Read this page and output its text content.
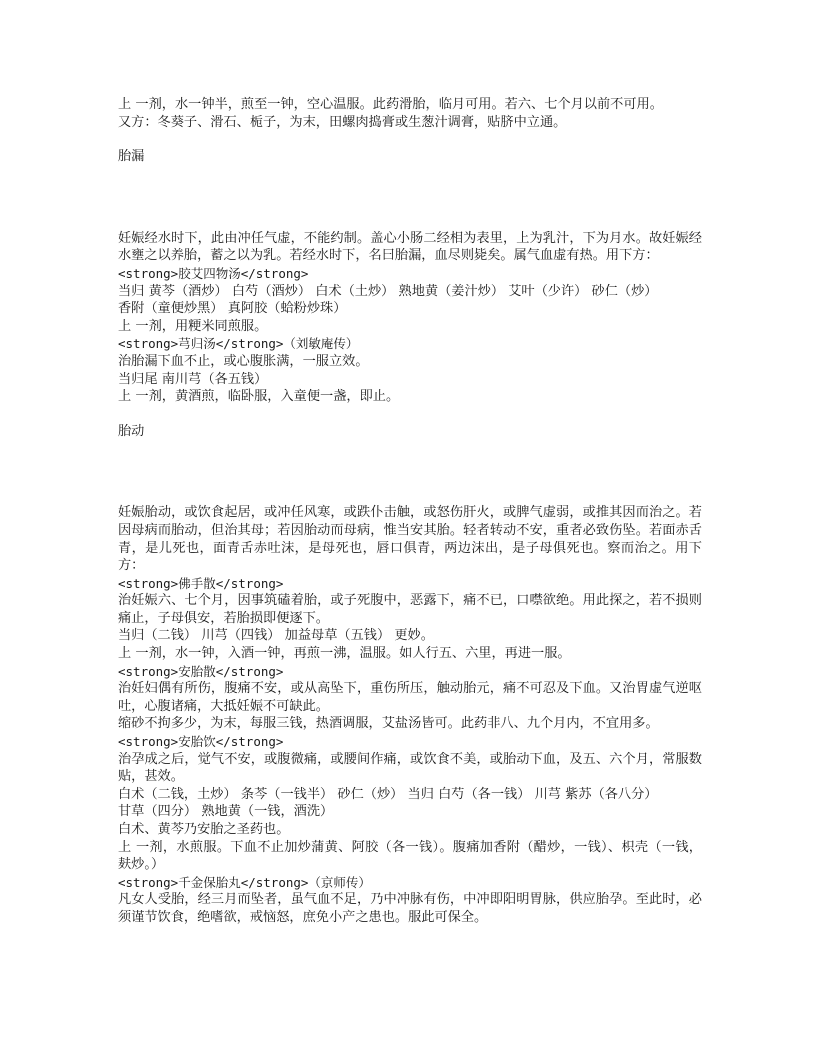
上 一剂，水一钟半，煎至一钟，空心温服。此药滑胎，临月可用。若六、七个月以前不可用。
又方：冬葵子、滑石、栀子，为末，田螺肉捣膏或生葱汁调膏，贴脐中立通。
胎漏
妊娠经水时下，此由冲任气虚，不能约制。盖心小肠二经相为表里，上为乳汁，下为月水。故妊娠经水壅之以养胎，蓄之以为乳。若经水时下，名曰胎漏，血尽则毙矣。属气血虚有热。用下方：
<strong>胶艾四物汤</strong>
当归 黄芩（酒炒） 白芍（酒炒） 白术（土炒） 熟地黄（姜汁炒） 艾叶（少许） 砂仁（炒）
香附（童便炒黑） 真阿胶（蛤粉炒珠）
上 一剂，用粳米同煎服。
<strong>芎归汤</strong>（刘敏庵传）
治胎漏下血不止，或心腹胀满，一服立效。
当归尾 南川芎（各五钱）
上 一剂，黄酒煎，临卧服，入童便一盏，即止。
胎动
妊娠胎动，或饮食起居，或冲任风寒，或跌仆击触，或怒伤肝火，或脾气虚弱，或推其因而治之。若因母病而胎动，但治其母；若因胎动而母病，惟当安其胎。轻者转动不安，重者必致伤坠。若面赤舌青，是儿死也，面青舌赤吐沫，是母死也，唇口俱青，两边沫出，是子母俱死也。察而治之。用下方：
<strong>佛手散</strong>
治妊娠六、七个月，因事筑磕着胎，或子死腹中，恶露下，痛不已，口噤欲绝。用此探之，若不损则痛止，子母俱安，若胎损即便逐下。
当归（二钱） 川芎（四钱） 加益母草（五钱） 更妙。
上 一剂，水一钟，入酒一钟，再煎一沸，温服。如人行五、六里，再进一服。
<strong>安胎散</strong>
治妊妇偶有所伤，腹痛不安，或从高坠下，重伤所压，触动胎元，痛不可忍及下血。又治胃虚气逆呕吐，心腹诸痛，大抵妊娠不可缺此。
缩砂不拘多少，为末，每服三钱，热酒调服，艾盐汤皆可。此药非八、九个月内，不宜用多。
<strong>安胎饮</strong>
治孕成之后，觉气不安，或腹微痛，或腰间作痛，或饮食不美，或胎动下血，及五、六个月，常服数贴，甚效。
白术（二钱，土炒） 条芩（一钱半） 砂仁（炒） 当归 白芍（各一钱） 川芎 紫苏（各八分）
甘草（四分） 熟地黄（一钱，酒洗）
白术、黄芩乃安胎之圣药也。
上 一剂，水煎服。下血不止加炒蒲黄、阿胶（各一钱）。腹痛加香附（醋炒，一钱）、枳壳（一钱，麸炒。）
<strong>千金保胎丸</strong>（京师传）
凡女人受胎，经三月而坠者，虽气血不足，乃中冲脉有伤，中冲即阳明胃脉，供应胎孕。至此时，必须谨节饮食，绝嗜欲，戒恼怒，庶免小产之患也。服此可保全。
